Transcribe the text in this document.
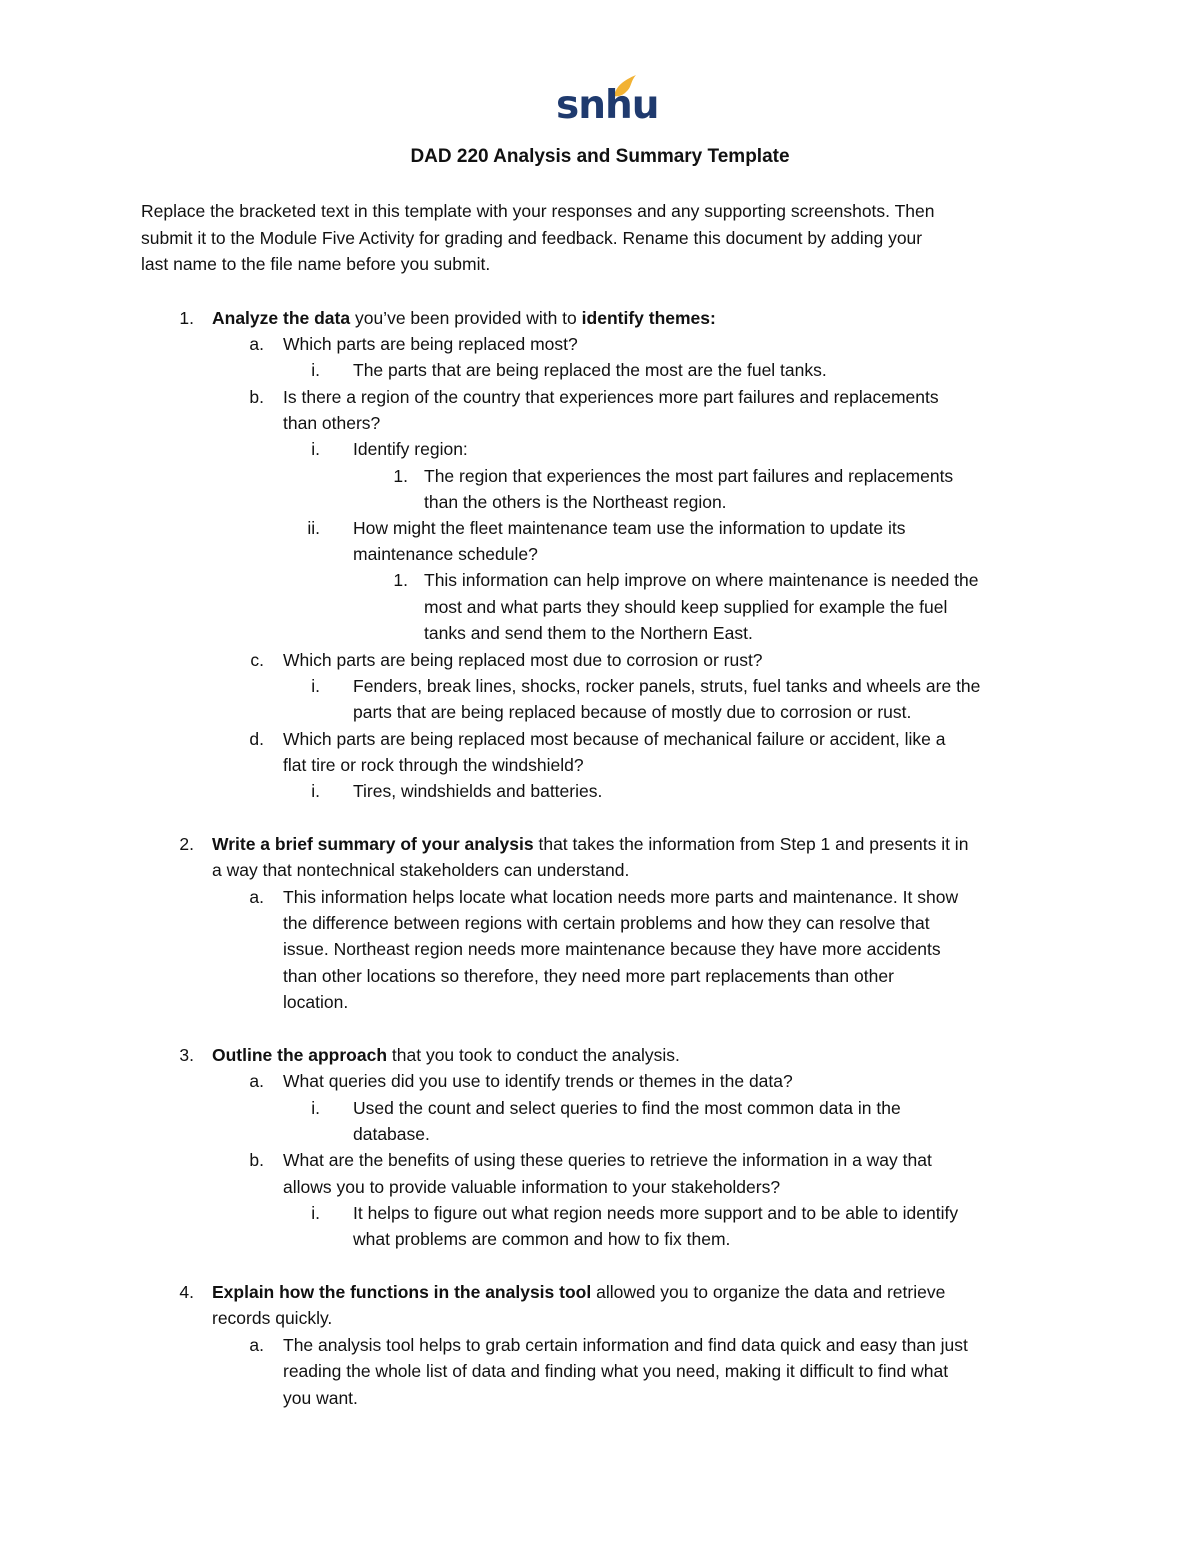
snhu
DAD 220 Analysis and Summary Template
Replace the bracketed text in this template with your responses and any supporting screenshots. Then
submit it to the Module Five Activity for grading and feedback. Rename this document by adding your
last name to the file name before you submit.
1. Analyze the data you’ve been provided with to identify themes:
a. Which parts are being replaced most?
i. The parts that are being replaced the most are the fuel tanks.
b. Is there a region of the country that experiences more part failures and replacements
than others?
i. Identify region:
1. The region that experiences the most part failures and replacements
than the others is the Northeast region.
ii. How might the fleet maintenance team use the information to update its
maintenance schedule?
1. This information can help improve on where maintenance is needed the
most and what parts they should keep supplied for example the fuel
tanks and send them to the Northern East.
c. Which parts are being replaced most due to corrosion or rust?
i. Fenders, break lines, shocks, rocker panels, struts, fuel tanks and wheels are the
parts that are being replaced because of mostly due to corrosion or rust.
d. Which parts are being replaced most because of mechanical failure or accident, like a
flat tire or rock through the windshield?
i. Tires, windshields and batteries.
2. Write a brief summary of your analysis that takes the information from Step 1 and presents it in
a way that nontechnical stakeholders can understand.
a. This information helps locate what location needs more parts and maintenance. It show
the difference between regions with certain problems and how they can resolve that
issue. Northeast region needs more maintenance because they have more accidents
than other locations so therefore, they need more part replacements than other
location.
3. Outline the approach that you took to conduct the analysis.
a. What queries did you use to identify trends or themes in the data?
i. Used the count and select queries to find the most common data in the
database.
b. What are the benefits of using these queries to retrieve the information in a way that
allows you to provide valuable information to your stakeholders?
i. It helps to figure out what region needs more support and to be able to identify
what problems are common and how to fix them.
4. Explain how the functions in the analysis tool allowed you to organize the data and retrieve
records quickly.
a. The analysis tool helps to grab certain information and find data quick and easy than just
reading the whole list of data and finding what you need, making it difficult to find what
you want.
